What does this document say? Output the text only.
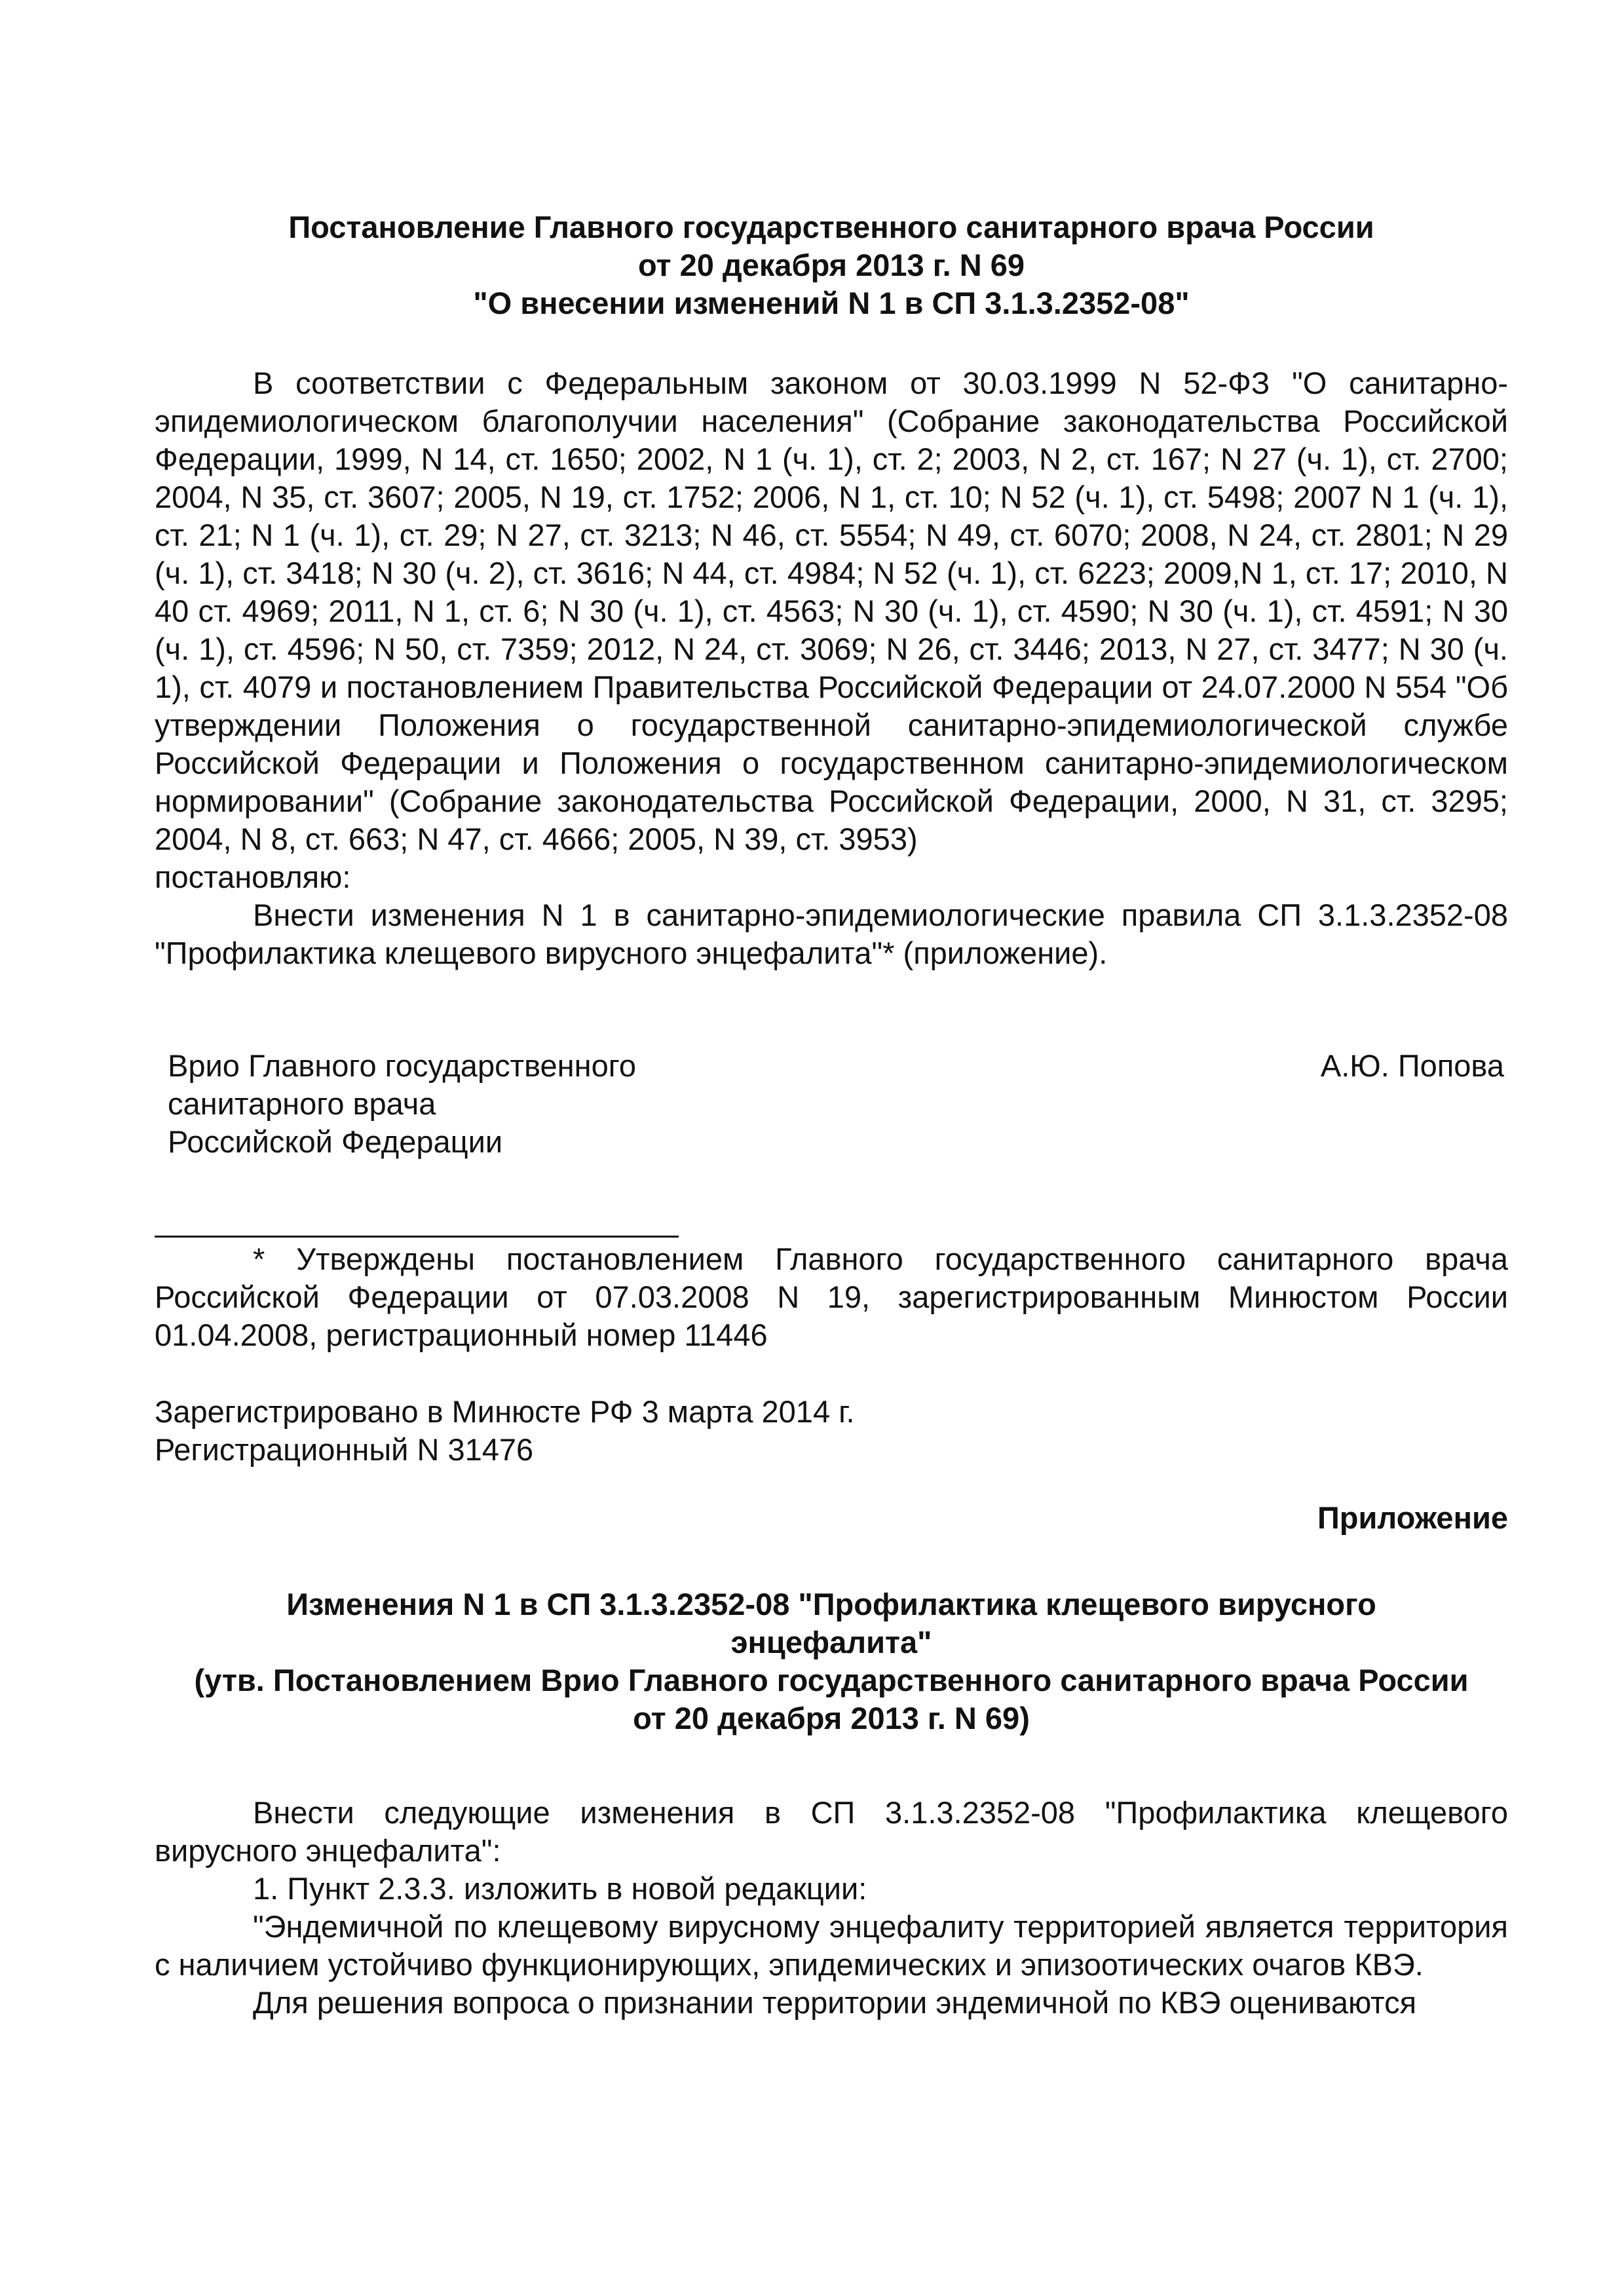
Постановление Главного государственного санитарного врача России
от 20 декабря 2013 г. N 69
"О внесении изменений N 1 в СП 3.1.3.2352-08"

В соответствии с Федеральным законом от 30.03.1999 N 52-ФЗ "О санитарно-эпидемиологическом благополучии населения" (Собрание законодательства Российской Федерации, 1999, N 14, ст. 1650; 2002, N 1 (ч. 1), ст. 2; 2003, N 2, ст. 167; N 27 (ч. 1), ст. 2700; 2004, N 35, ст. 3607; 2005, N 19, ст. 1752; 2006, N 1, ст. 10; N 52 (ч. 1), ст. 5498; 2007 N 1 (ч. 1), ст. 21; N 1 (ч. 1), ст. 29; N 27, ст. 3213; N 46, ст. 5554; N 49, ст. 6070; 2008, N 24, ст. 2801; N 29 (ч. 1), ст. 3418; N 30 (ч. 2), ст. 3616; N 44, ст. 4984; N 52 (ч. 1), ст. 6223; 2009,N 1, ст. 17; 2010, N 40 ст. 4969; 2011, N 1, ст. 6; N 30 (ч. 1), ст. 4563; N 30 (ч. 1), ст. 4590; N 30 (ч. 1), ст. 4591; N 30 (ч. 1), ст. 4596; N 50, ст. 7359; 2012, N 24, ст. 3069; N 26, ст. 3446; 2013, N 27, ст. 3477; N 30 (ч. 1), ст. 4079 и постановлением Правительства Российской Федерации от 24.07.2000 N 554 "Об утверждении Положения о государственной санитарно-эпидемиологической службе Российской Федерации и Положения о государственном санитарно-эпидемиологическом нормировании" (Собрание законодательства Российской Федерации, 2000, N 31, ст. 3295; 2004, N 8, ст. 663; N 47, ст. 4666; 2005, N 39, ст. 3953)

постановляю:

Внести изменения N 1 в санитарно-эпидемиологические правила СП 3.1.3.2352-08 "Профилактика клещевого вирусного энцефалита"* (приложение).

Врио Главного государственного
санитарного врача
Российской Федерации
А.Ю. Попова

* Утверждены постановлением Главного государственного санитарного врача Российской Федерации от 07.03.2008 N 19, зарегистрированным Минюстом России 01.04.2008, регистрационный номер 11446

Зарегистрировано в Минюсте РФ 3 марта 2014 г.
Регистрационный N 31476
Приложение
Изменения N 1 в СП 3.1.3.2352-08 "Профилактика клещевого вирусного
энцефалита"
(утв. Постановлением Врио Главного государственного санитарного врача России
от 20 декабря 2013 г. N 69)

Внести следующие изменения в СП 3.1.3.2352-08 "Профилактика клещевого вирусного энцефалита":

1. Пункт 2.3.3. изложить в новой редакции:

"Эндемичной по клещевому вирусному энцефалиту территорией является территория с наличием устойчиво функционирующих, эпидемических и эпизоотических очагов КВЭ.

Для решения вопроса о признании территории эндемичной по КВЭ оцениваются
